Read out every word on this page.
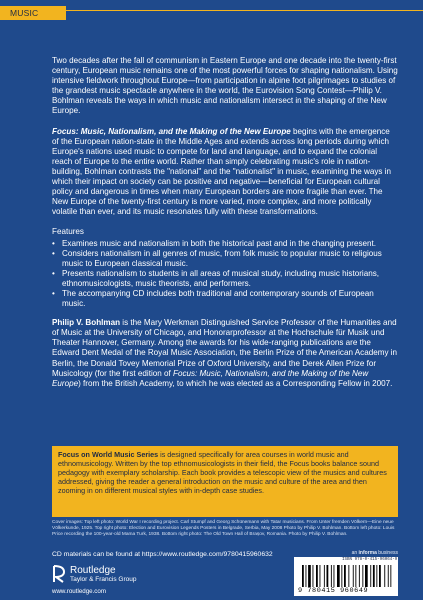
MUSIC

Two decades after the fall of communism in Eastern Europe and one decade into the twenty-first century, European music remains one of the most powerful forces for shaping nationalism. Using intensive fieldwork throughout Europe—from participation in alpine foot pilgrimages to studies of the grandest music spectacle anywhere in the world, the Eurovision Song Contest—Philip V. Bohlman reveals the ways in which music and nationalism intersect in the shaping of the New Europe.

Focus: Music, Nationalism, and the Making of the New Europe begins with the emergence of the European nation-state in the Middle Ages and extends across long periods during which Europe's nations used music to compete for land and language, and to expand the colonial reach of Europe to the entire world. Rather than simply celebrating music's role in nation-building, Bohlman contrasts the "national" and the "nationalist" in music, examining the ways in which their impact on society can be positive and negative—beneficial for European cultural policy and dangerous in times when many European borders are more fragile than ever. The New Europe of the twenty-first century is more varied, more complex, and more politically volatile than ever, and its music resonates fully with these transformations.

Features
• Examines music and nationalism in both the historical past and in the changing present.
• Considers nationalism in all genres of music, from folk music to popular music to religious music to European classical music.
• Presents nationalism to students in all areas of musical study, including music historians, ethnomusicologists, music theorists, and performers.
• The accompanying CD includes both traditional and contemporary sounds of European music.

Philip V. Bohlman is the Mary Werkman Distinguished Service Professor of the Humanities and of Music at the University of Chicago, and Honorarprofessor at the Hochschule für Musik und Theater Hannover, Germany. Among the awards for his wide-ranging publications are the Edward Dent Medal of the Royal Music Association, the Berlin Prize of the American Academy in Berlin, the Donald Tovey Memorial Prize of Oxford University, and the Derek Allen Prize for Musicology (for the first edition of Focus: Music, Nationalism, and the Making of the New Europe) from the British Academy, to which he was elected as a Corresponding Fellow in 2007.

Focus on World Music Series is designed specifically for area courses in world music and ethnomusicology. Written by the top ethnomusicologists in their field, the Focus books balance sound pedagogy with exemplary scholarship. Each book provides a telescopic view of the musics and cultures addressed, giving the reader a general introduction on the music and culture of the area and then zooming in on different musical styles with in-depth case studies.
Cover images: Top left photo: World War I recording project. Carl Stumpf and Georg Schünemann with Tatar musicians. From Unter fremden Völkern—Eine neue Völkerkunde, 1925. Top right photo: Election and Eurovision Legends Posters in Belgrade, Serbia, May 2008 Photo by Philip V. Bohlman. Bottom left photo: Louis Price recording the 100-year-old Mama Turk, 1938. Bottom right photo: The Old Town Hall of Brașov, Romania. Photo by Philip V. Bohlman.
CD materials can be found at https://www.routledge.com/9780415960632
Routledge
Taylor & Francis Group
www.routledge.com
an informa business
ISBN 978-0-415-96064-9
9 780415 960649
